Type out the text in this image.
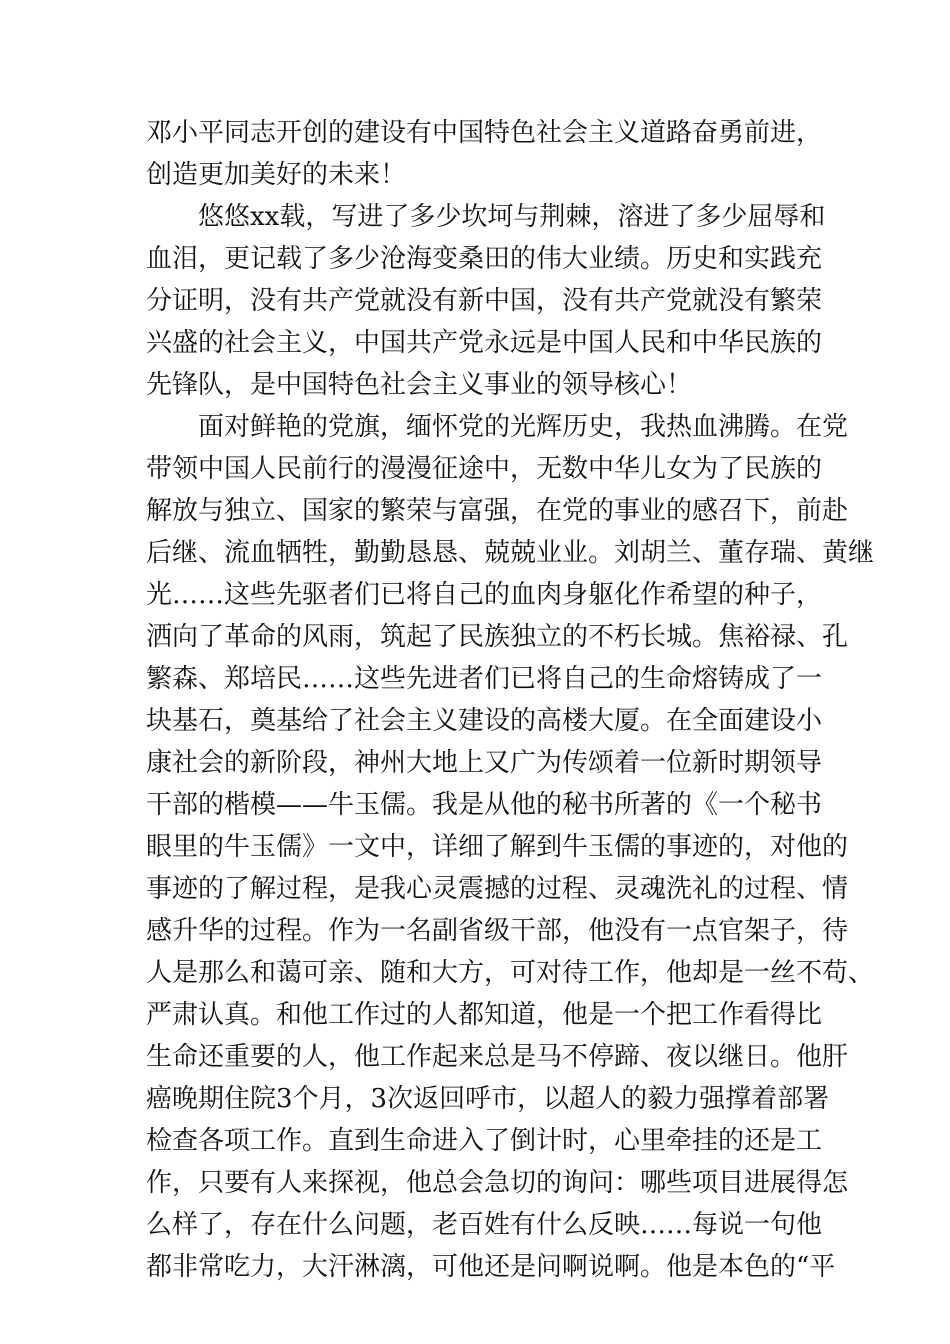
邓小平同志开创的建设有中国特色社会主义道路奋勇前进，
创造更加美好的未来！
　　悠悠xx载，写进了多少坎坷与荆棘，溶进了多少屈辱和
血泪，更记载了多少沧海变桑田的伟大业绩。历史和实践充
分证明，没有共产党就没有新中国，没有共产党就没有繁荣
兴盛的社会主义，中国共产党永远是中国人民和中华民族的
先锋队，是中国特色社会主义事业的领导核心！
　　面对鲜艳的党旗，缅怀党的光辉历史，我热血沸腾。在党
带领中国人民前行的漫漫征途中，无数中华儿女为了民族的
解放与独立、国家的繁荣与富强，在党的事业的感召下，前赴
后继、流血牺牲，勤勤恳恳、兢兢业业。刘胡兰、董存瑞、黄继
光……这些先驱者们已将自己的血肉身躯化作希望的种子，
洒向了革命的风雨，筑起了民族独立的不朽长城。焦裕禄、孔
繁森、郑培民……这些先进者们已将自己的生命熔铸成了一
块基石，奠基给了社会主义建设的高楼大厦。在全面建设小
康社会的新阶段，神州大地上又广为传颂着一位新时期领导
干部的楷模——牛玉儒。我是从他的秘书所著的《一个秘书
眼里的牛玉儒》一文中，详细了解到牛玉儒的事迹的，对他的
事迹的了解过程，是我心灵震撼的过程、灵魂洗礼的过程、情
感升华的过程。作为一名副省级干部，他没有一点官架子，待
人是那么和蔼可亲、随和大方，可对待工作，他却是一丝不苟、
严肃认真。和他工作过的人都知道，他是一个把工作看得比
生命还重要的人，他工作起来总是马不停蹄、夜以继日。他肝
癌晚期住院3个月，3次返回呼市，以超人的毅力强撑着部署
检查各项工作。直到生命进入了倒计时，心里牵挂的还是工
作，只要有人来探视，他总会急切的询问：哪些项目进展得怎
么样了，存在什么问题，老百姓有什么反映……每说一句他
都非常吃力，大汗淋漓，可他还是问啊说啊。他是本色的“平
